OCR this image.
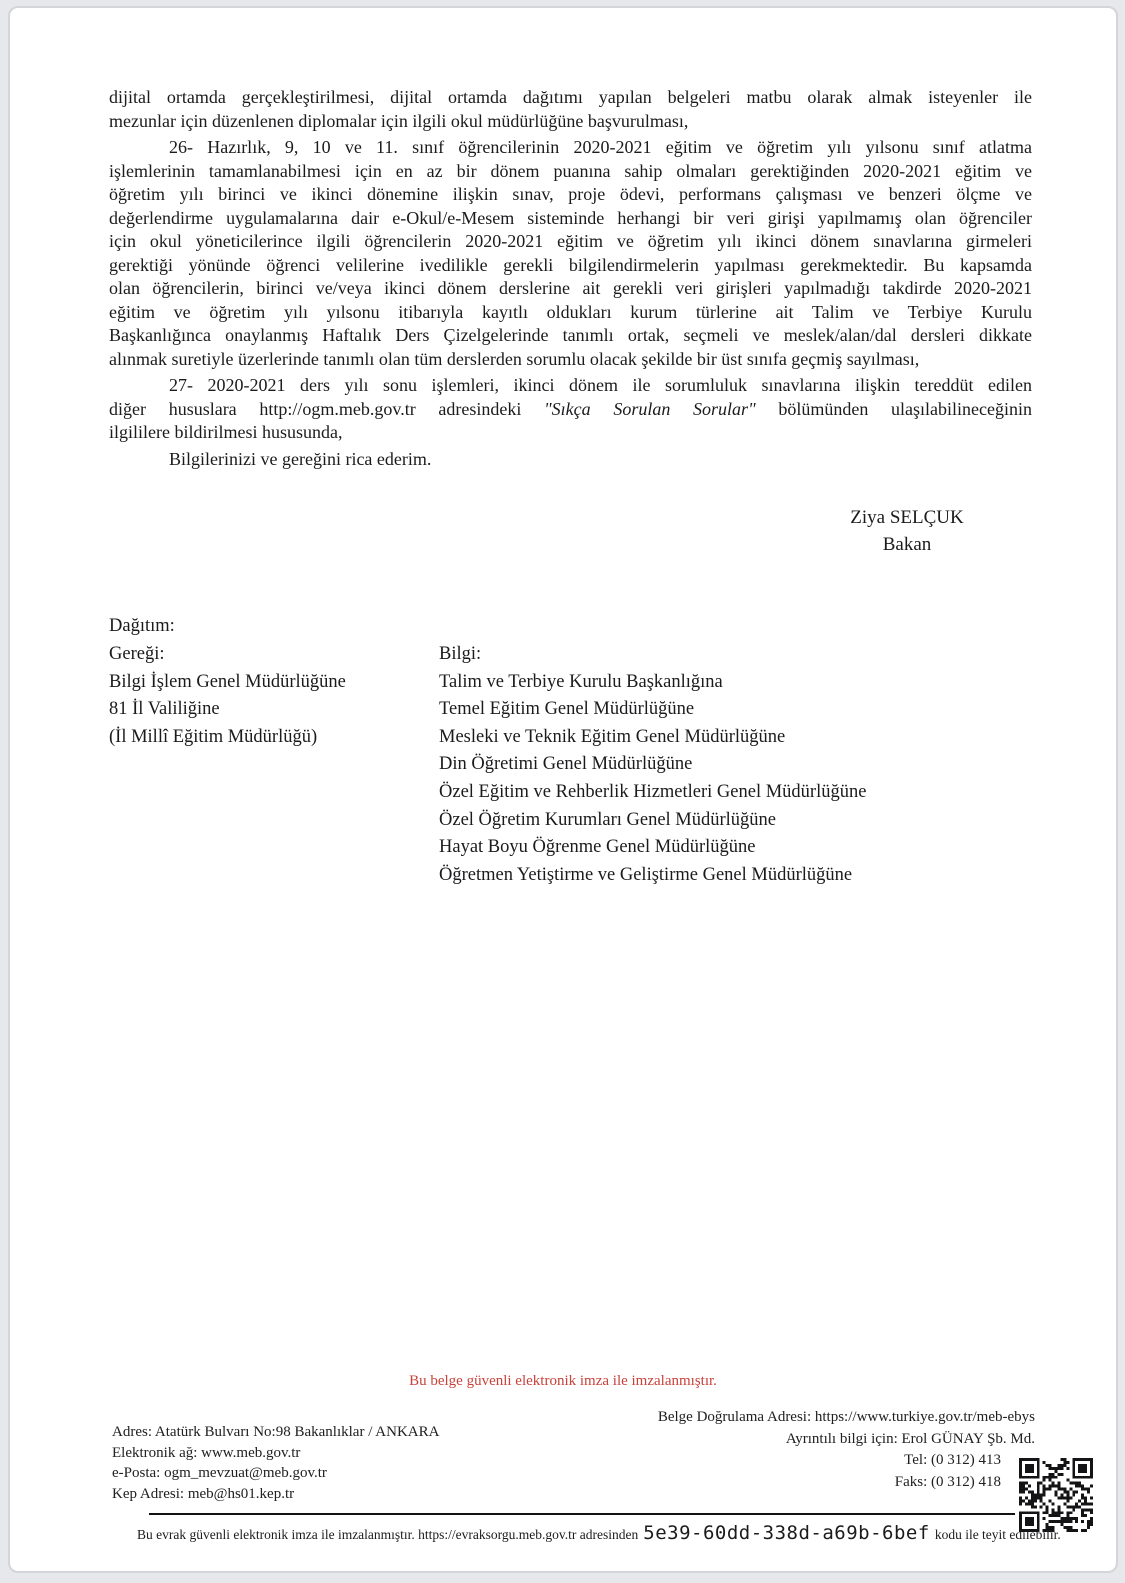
dijital ortamda gerçekleştirilmesi, dijital ortamda dağıtımı yapılan belgeleri matbu olarak almak isteyenler ile
mezunlar için düzenlenen diplomalar için ilgili okul müdürlüğüne başvurulması,
26- Hazırlık, 9, 10 ve 11. sınıf öğrencilerinin 2020-2021 eğitim ve öğretim yılı yılsonu sınıf atlatma
işlemlerinin tamamlanabilmesi için en az bir dönem puanına sahip olmaları gerektiğinden 2020-2021 eğitim ve
öğretim yılı birinci ve ikinci dönemine ilişkin sınav, proje ödevi, performans çalışması ve benzeri ölçme ve
değerlendirme uygulamalarına dair e-Okul/e-Mesem sisteminde herhangi bir veri girişi yapılmamış olan öğrenciler
için okul yöneticilerince ilgili öğrencilerin 2020-2021 eğitim ve öğretim yılı ikinci dönem sınavlarına girmeleri
gerektiği yönünde öğrenci velilerine ivedilikle gerekli bilgilendirmelerin yapılması gerekmektedir. Bu kapsamda
olan öğrencilerin, birinci ve/veya ikinci dönem derslerine ait gerekli veri girişleri yapılmadığı takdirde 2020-2021
eğitim ve öğretim yılı yılsonu itibarıyla kayıtlı oldukları kurum türlerine ait Talim ve Terbiye Kurulu
Başkanlığınca onaylanmış Haftalık Ders Çizelgelerinde tanımlı ortak, seçmeli ve meslek/alan/dal dersleri dikkate
alınmak suretiyle üzerlerinde tanımlı olan tüm derslerden sorumlu olacak şekilde bir üst sınıfa geçmiş sayılması,
27- 2020-2021 ders yılı sonu işlemleri, ikinci dönem ile sorumluluk sınavlarına ilişkin tereddüt edilen
diğer hususlara http://ogm.meb.gov.tr adresindeki "Sıkça Sorulan Sorular" bölümünden ulaşılabilineceğinin
ilgililere bildirilmesi hususunda,
Bilgilerinizi ve gereğini rica ederim.
Ziya SELÇUK
Bakan
Dağıtım:
Gereği:
Bilgi İşlem Genel Müdürlüğüne
81 İl Valiliğine
(İl Millî Eğitim Müdürlüğü)
Bilgi:
Talim ve Terbiye Kurulu Başkanlığına
Temel Eğitim Genel Müdürlüğüne
Mesleki ve Teknik Eğitim Genel Müdürlüğüne
Din Öğretimi Genel Müdürlüğüne
Özel Eğitim ve Rehberlik Hizmetleri Genel Müdürlüğüne
Özel Öğretim Kurumları Genel Müdürlüğüne
Hayat Boyu Öğrenme Genel Müdürlüğüne
Öğretmen Yetiştirme ve Geliştirme Genel Müdürlüğüne
Bu belge güvenli elektronik imza ile imzalanmıştır.
Belge Doğrulama Adresi: https://www.turkiye.gov.tr/meb-ebys
Ayrıntılı bilgi için: Erol GÜNAY Şb. Md.
Tel: (0 312) 413
Faks: (0 312) 418
Adres: Atatürk Bulvarı No:98 Bakanlıklar / ANKARA
Elektronik ağ: www.meb.gov.tr
e-Posta: ogm_mevzuat@meb.gov.tr
Kep Adresi: meb@hs01.kep.tr
Bu evrak güvenli elektronik imza ile imzalanmıştır. https://evraksorgu.meb.gov.tr adresinden 5e39-60dd-338d-a69b-6bef kodu ile teyit edilebilir.
